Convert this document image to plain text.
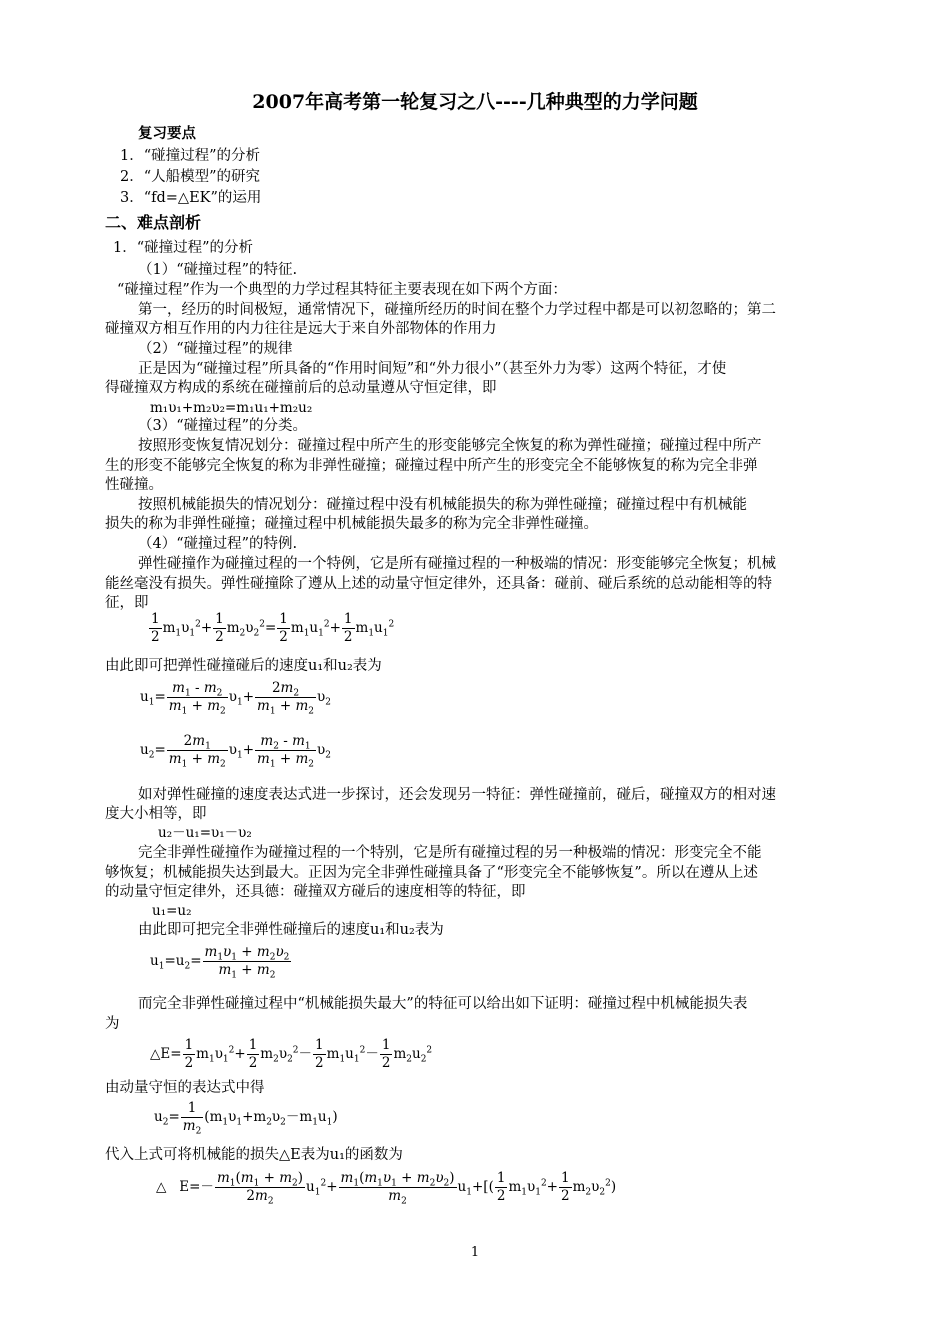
2007年高考第一轮复习之八----几种典型的力学问题
复习要点
1．“碰撞过程”的分析
2．“人船模型”的研究
3．“fd=△EK”的运用
二、难点剖析
1．“碰撞过程”的分析
（1）“碰撞过程”的特征.
“碰撞过程”作为一个典型的力学过程其特征主要表现在如下两个方面：
第一，经历的时间极短，通常情况下，碰撞所经历的时间在整个力学过程中都是可以初忽略的；第二
碰撞双方相互作用的内力往往是远大于来自外部物体的作用力
（2）“碰撞过程”的规律
正是因为“碰撞过程”所具备的“作用时间短”和“外力很小”（甚至外力为零）这两个特征，才使
得碰撞双方构成的系统在碰撞前后的总动量遵从守恒定律，即
m₁υ₁+m₂υ₂=m₁u₁+m₂u₂
（3）“碰撞过程”的分类。
按照形变恢复情况划分：碰撞过程中所产生的形变能够完全恢复的称为弹性碰撞；碰撞过程中所产
生的形变不能够完全恢复的称为非弹性碰撞；碰撞过程中所产生的形变完全不能够恢复的称为完全非弹
性碰撞。
按照机械能损失的情况划分：碰撞过程中没有机械能损失的称为弹性碰撞；碰撞过程中有机械能
损失的称为非弹性碰撞；碰撞过程中机械能损失最多的称为完全非弹性碰撞。
（4）“碰撞过程”的特例.
弹性碰撞作为碰撞过程的一个特例，它是所有碰撞过程的一种极端的情况：形变能够完全恢复；机械
能丝毫没有损失。弹性碰撞除了遵从上述的动量守恒定律外，还具备：碰前、碰后系统的总动能相等的特
征，即
$\frac{1}{2} m_1\upsilon_1^2+ \frac{1}{2} m_2\upsilon_2^2= \frac{1}{2} m_1u_1^2+ \frac{1}{2} m_1u_1^2$
由此即可把弹性碰撞碰后的速度u₁和u₂表为
$u_1= \frac{m_1 - m_2}{m_1 + m_2} \upsilon_1+ \frac{2m_2}{m_1 + m_2} \upsilon_2$
$u_2= \frac{2m_1}{m_1 + m_2} \upsilon_1+ \frac{m_2 - m_1}{m_1 + m_2} \upsilon_2$
如对弹性碰撞的速度表达式进一步探讨，还会发现另一特征：弹性碰撞前，碰后，碰撞双方的相对速
度大小相等，即
u₂－u₁=υ₁－υ₂
完全非弹性碰撞作为碰撞过程的一个特别，它是所有碰撞过程的另一种极端的情况：形变完全不能
够恢复；机械能损失达到最大。正因为完全非弹性碰撞具备了“形变完全不能够恢复”。所以在遵从上述
的动量守恒定律外，还具德：碰撞双方碰后的速度相等的特征，即
u₁=u₂
由此即可把完全非弹性碰撞后的速度u₁和u₂表为
$u_1=u_2= \frac{m_1\upsilon_1 + m_2\upsilon_2}{m_1 + m_2}$
而完全非弹性碰撞过程中“机械能损失最大”的特征可以给出如下证明：碰撞过程中机械能损失表
为
△E= $\frac{1}{2} m_1\upsilon_1^2+ \frac{1}{2} m_2\upsilon_2^2- \frac{1}{2} m_1u_1^2- \frac{1}{2} m_2u_2^2$
由动量守恒的表达式中得
$u_2= \frac{1}{m_2} (m_1\upsilon_1+m_2\upsilon_2-m_1u_1)$
代入上式可将机械能的损失△E表为u₁的函数为
△   $E=- \frac{m_1(m_1 + m_2)}{2m_2} u_1^2+ \frac{m_1(m_1\upsilon_1 + m_2\upsilon_2)}{m_2} u_1+[( \frac{1}{2} m_1\upsilon_1^2+ \frac{1}{2} m_2\upsilon_2^2)$
1
